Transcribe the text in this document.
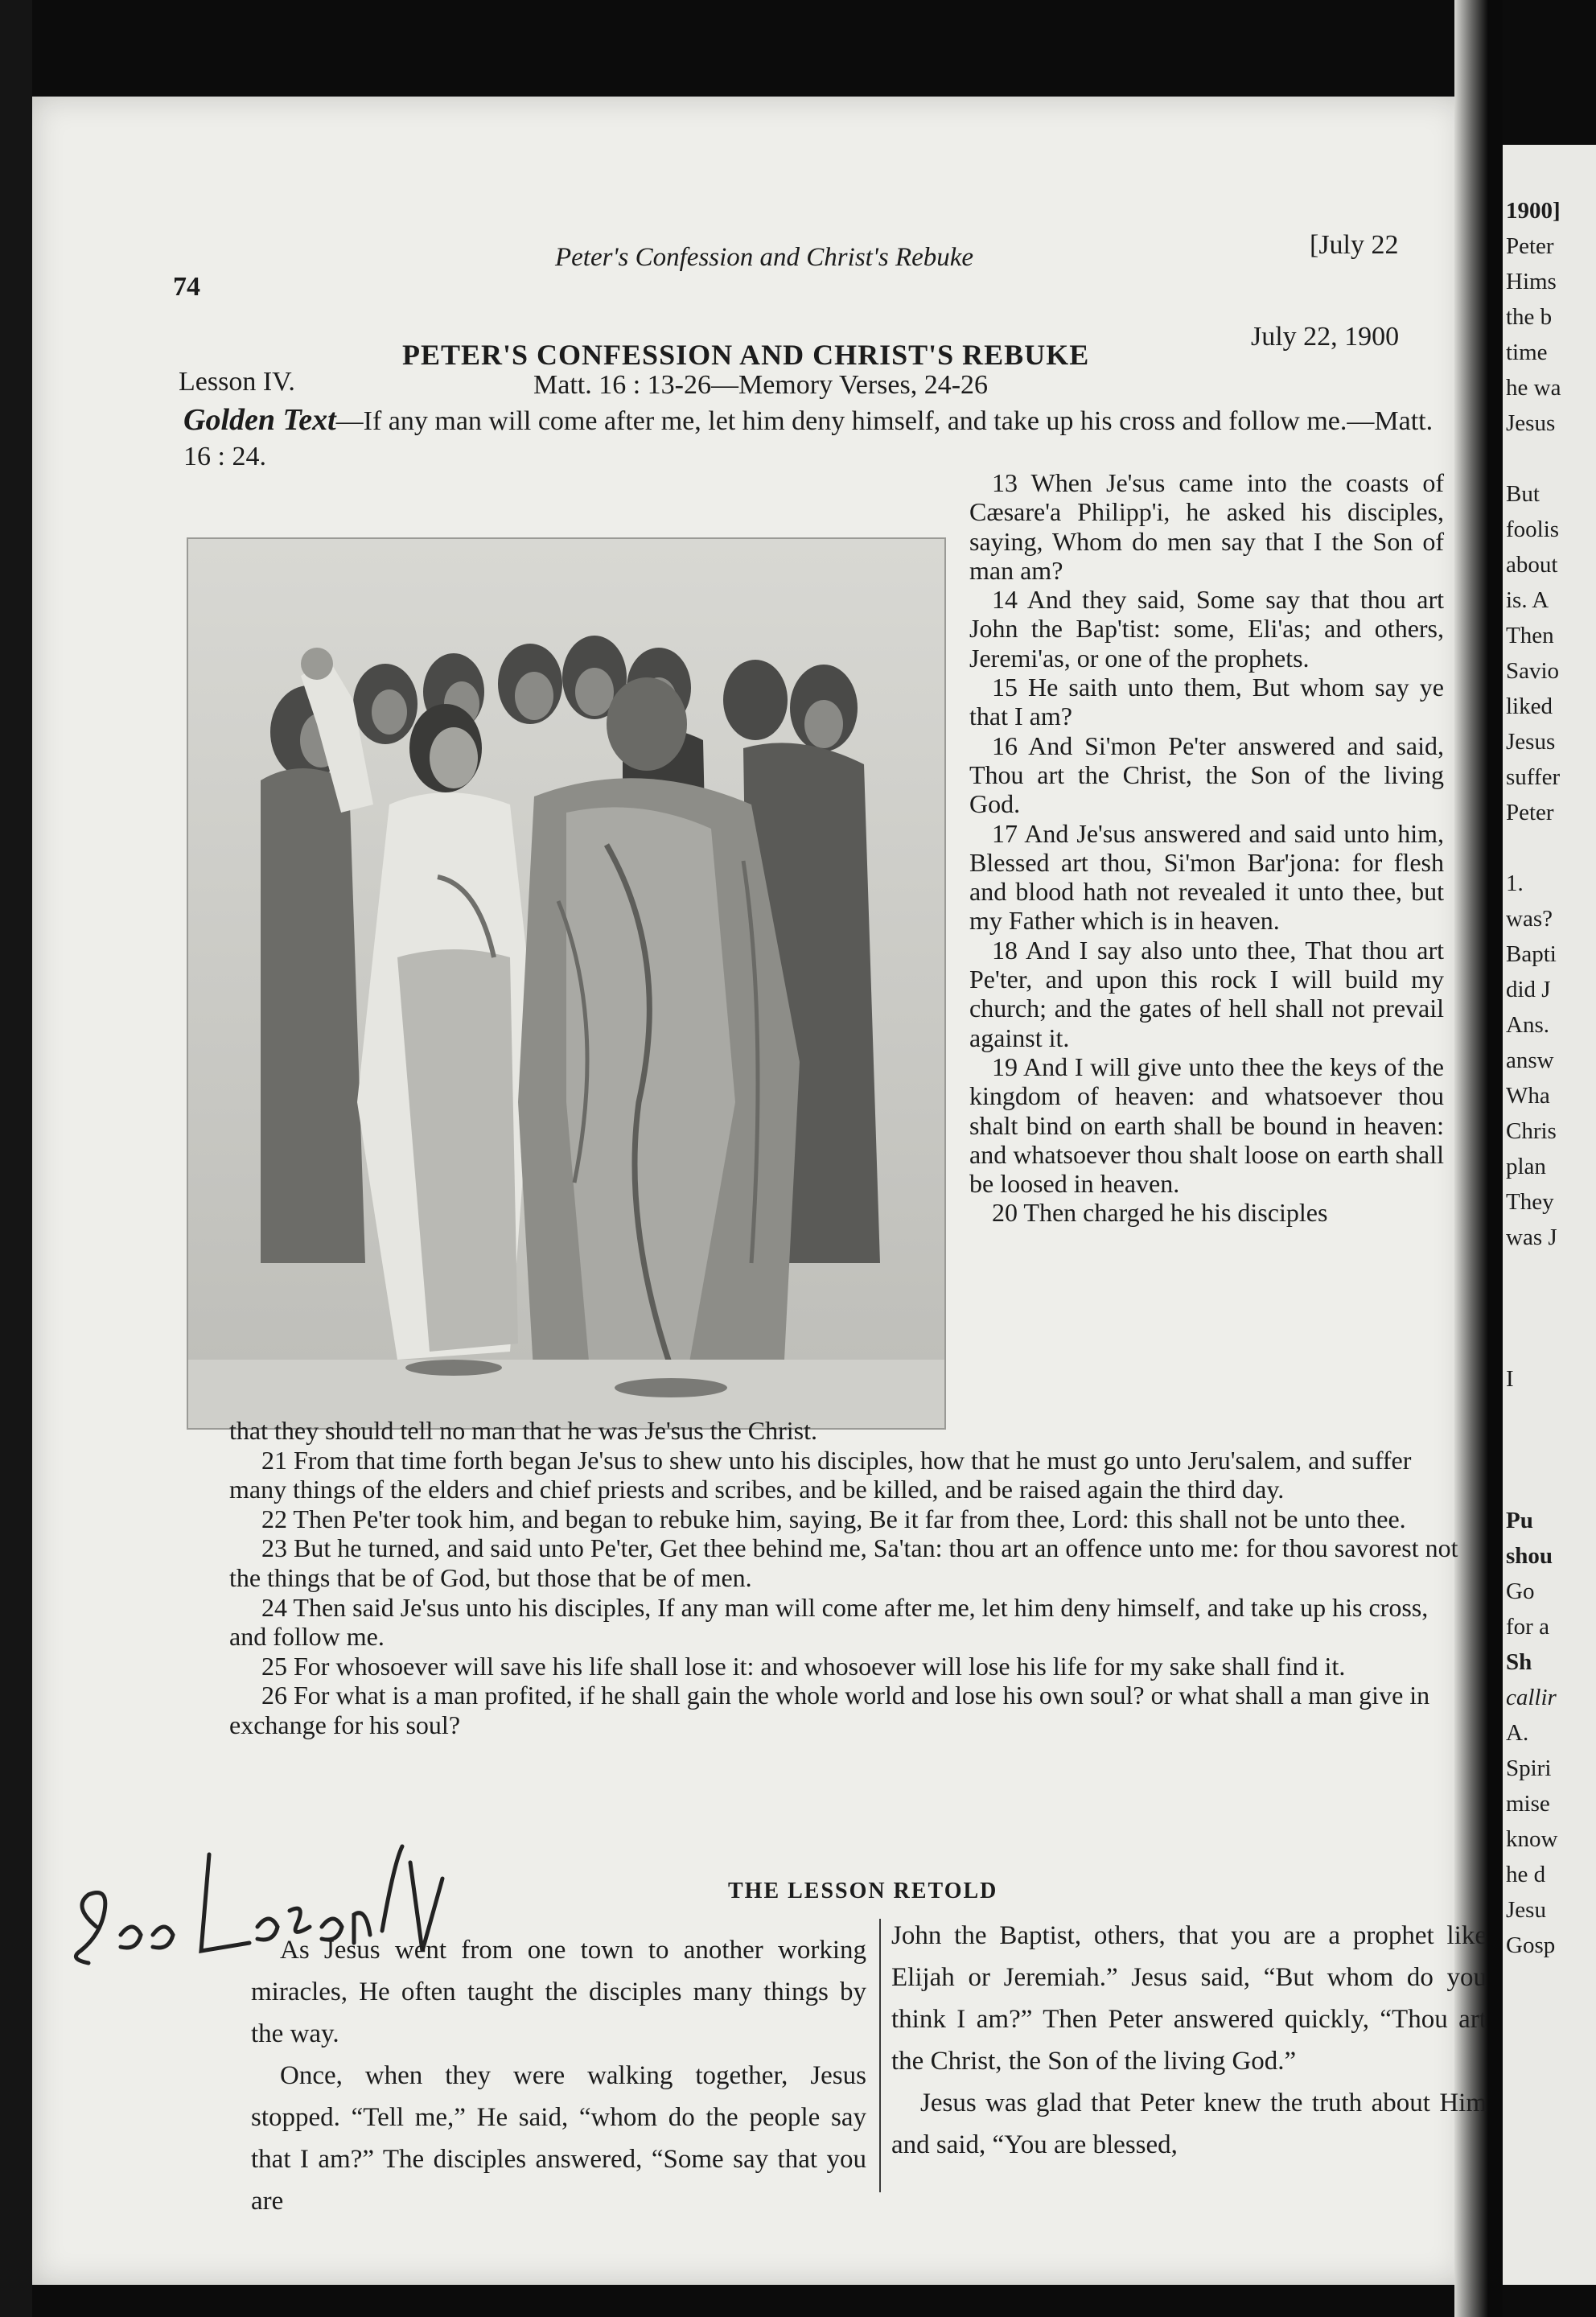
74
Peter's Confession and Christ's Rebuke	[July 22
Lesson IV.
PETER'S CONFESSION AND CHRIST'S REBUKE
July 22, 1900
Matt. 16 : 13-26—Memory Verses, 24-26
Golden Text—If any man will come after me, let him deny himself, and take up his cross and follow me.—Matt. 16 : 24.

13 When Je'sus came into the coasts of Cæsare'a Philipp'i, he asked his disciples, saying, Whom do men say that I the Son of man am?

14 And they said, Some say that thou art John the Bap'tist: some, Eli'as; and others, Jeremi'as, or one of the prophets.

15 He saith unto them, But whom say ye that I am?

16 And Si'mon Pe'ter answered and said, Thou art the Christ, the Son of the living God.

17 And Je'sus answered and said unto him, Blessed art thou, Si'mon Bar'jona: for flesh and blood hath not revealed it unto thee, but my Father which is in heaven.

18 And I say also unto thee, That thou art Pe'ter, and upon this rock I will build my church; and the gates of hell shall not prevail against it.

19 And I will give unto thee the keys of the kingdom of heaven: and whatsoever thou shalt bind on earth shall be bound in heaven: and whatsoever thou shalt loose on earth shall be loosed in heaven.

20 Then charged he his disciples

that they should tell no man that he was Je'sus the Christ.

21 From that time forth began Je'sus to shew unto his disciples, how that he must go unto Jeru'salem, and suffer many things of the elders and chief priests and scribes, and be killed, and be raised again the third day.

22 Then Pe'ter took him, and began to rebuke him, saying, Be it far from thee, Lord: this shall not be unto thee.

23 But he turned, and said unto Pe'ter, Get thee behind me, Sa'tan: thou art an offence unto me: for thou savorest not the things that be of God, but those that be of men.

24 Then said Je'sus unto his disciples, If any man will come after me, let him deny himself, and take up his cross, and follow me.

25 For whosoever will save his life shall lose it: and whosoever will lose his life for my sake shall find it.

26 For what is a man profited, if he shall gain the whole world and lose his own soul? or what shall a man give in exchange for his soul?

THE LESSON RETOLD

As Jesus went from one town to another working miracles, He often taught the disciples many things by the way.

Once, when they were walking together, Jesus stopped. “Tell me,” He said, “whom do the people say that I am?” The disciples answered, “Some say that you are

John the Baptist, others, that you are a prophet like Elijah or Jeremiah.” Jesus said, “But whom do you think I am?” Then Peter answered quickly, “Thou art the Christ, the Son of the living God.”

Jesus was glad that Peter knew the truth about Him and said, “You are blessed,

1900]
Peter
Hims
the b
time
he wa
Jesus
But
foolis
about
is. A
Then
Savio
liked
Jesus
suffer
Peter
1.
was?
Bapti
did J
Ans.
answ
Wha
Chris
plan
They
was J
I
Pu
shou
Go
for a
Sh
callir
A.
Spiri
mise
know
he d
Jesu
Gosp
